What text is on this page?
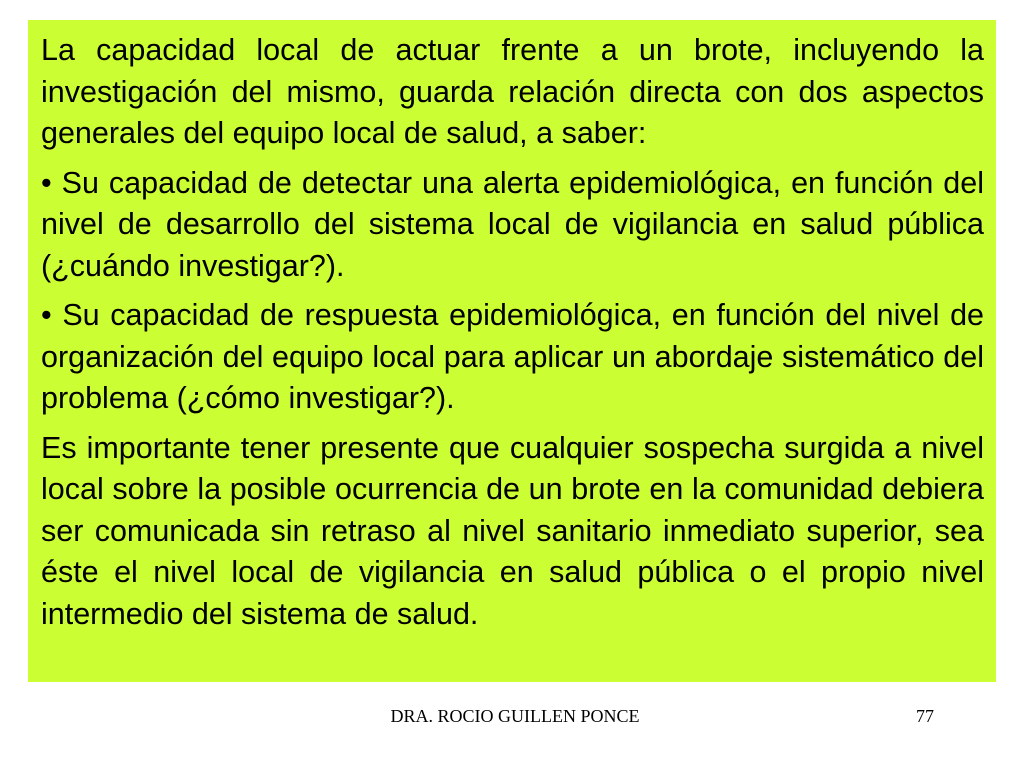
La capacidad local de actuar frente a un brote, incluyendo la investigación del mismo, guarda relación directa con dos aspectos generales del equipo local de salud, a saber:

• Su capacidad de detectar una alerta epidemiológica, en función del nivel de desarrollo del sistema local de vigilancia en salud pública (¿cuándo investigar?).

• Su capacidad de respuesta epidemiológica, en función del nivel de organización del equipo local para aplicar un abordaje sistemático del problema (¿cómo investigar?).

Es importante tener presente que cualquier sospecha surgida a nivel local sobre la posible ocurrencia de un brote en la comunidad debiera ser comunicada sin retraso al nivel sanitario inmediato superior, sea éste el nivel local de vigilancia en salud pública o el propio nivel intermedio del sistema de salud.

DRA. ROCIO GUILLEN PONCE	77
